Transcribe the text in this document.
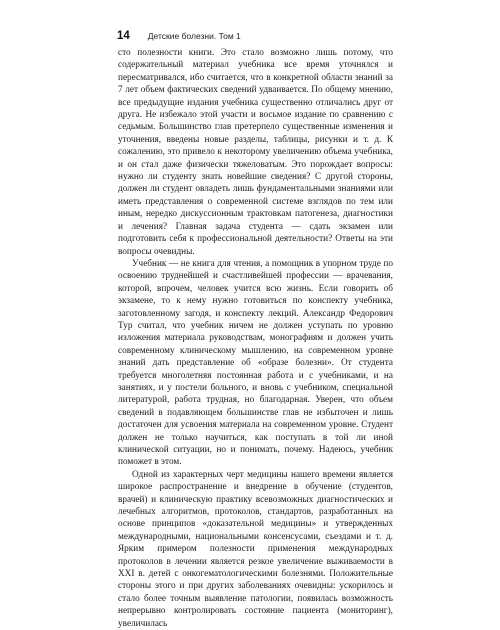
14 Детские болезни. Том 1

сто полезности книги. Это стало возможно лишь потому, что содержательный материал учебника все время уточнялся и пересматривался, ибо считается, что в конкретной области знаний за 7 лет объем фактических сведений удваивается. По общему мнению, все предыдущие издания учебника существенно отличались друг от друга. Не избежало этой участи и восьмое издание по сравнению с седьмым. Большинство глав претерпело существенные изменения и уточнения, введены новые разделы, таблицы, рисунки и т. д. К сожалению, это привело к некоторому увеличению объема учебника, и он стал даже физически тяжеловатым. Это порождает вопросы: нужно ли студенту знать новейшие сведения? С другой стороны, должен ли студент овладеть лишь фундаментальными знаниями или иметь представления о современной системе взглядов по тем или иным, нередко дискуссионным трактовкам патогенеза, диагностики и лечения? Главная задача студента — сдать экзамен или подготовить себя к профессиональной деятельности? Ответы на эти вопросы очевидны.

Учебник — не книга для чтения, а помощник в упорном труде по освоению труднейшей и счастливейшей профессии — врачевания, которой, впрочем, человек учится всю жизнь. Если говорить об экзамене, то к нему нужно готовиться по конспекту учебника, заготовленному загодя, и конспекту лекций. Александр Федорович Тур считал, что учебник ничем не должен уступать по уровню изложения материала руководствам, монографиям и должен учить современному клиническому мышлению, на современном уровне знаний дать представление об «образе болезни». От студента требуется многолетняя постоянная работа и с учебниками, и на занятиях, и у постели больного, и вновь с учебником, специальной литературой, работа трудная, но благодарная. Уверен, что объем сведений в подавляющем большинстве глав не избыточен и лишь достаточен для усвоения материала на современном уровне. Студент должен не только научиться, как поступать в той ли иной клинической ситуации, но и понимать, почему. Надеюсь, учебник поможет в этом.

Одной из характерных черт медицины нашего времени является широкое распространение и внедрение в обучение (студентов, врачей) и клиническую практику всевозможных диагностических и лечебных алгоритмов, протоколов, стандартов, разработанных на основе принципов «доказательной медицины» и утвержденных международными, национальными консенсусами, съездами и т. д. Ярким примером полезности применения международных протоколов в лечении является резкое увеличение выживаемости в XXI в. детей с онкогематологическими болезнями. Положительные стороны этого и при других заболеваниях очевидны: ускорилось и стало более точным выявление патологии, появилась возможность непрерывно контролировать состояние пациента (мониторинг), увеличилась
